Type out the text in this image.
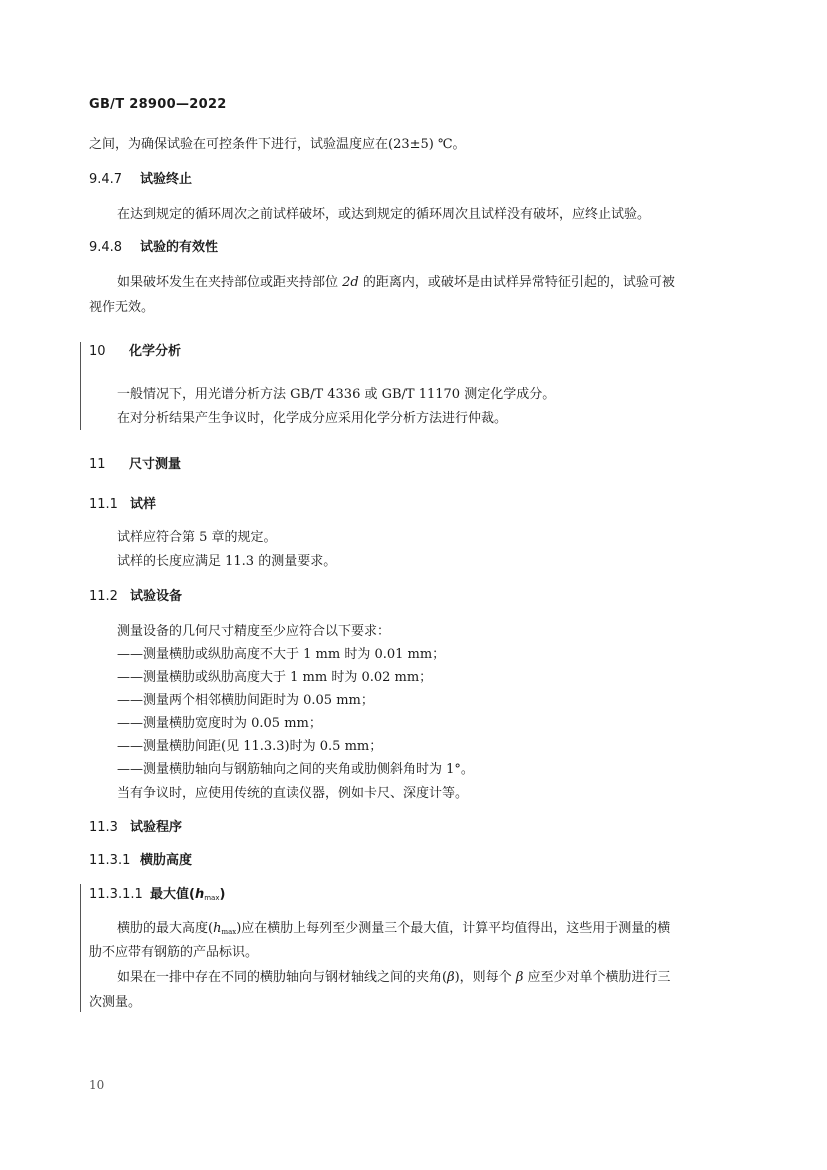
GB/T 28900—2022
之间，为确保试验在可控条件下进行，试验温度应在(23±5) ℃。
9.4.7 试验终止
在达到规定的循环周次之前试样破坏，或达到规定的循环周次且试样没有破坏，应终止试验。
9.4.8 试验的有效性
如果破坏发生在夹持部位或距夹持部位 2d 的距离内，或破坏是由试样异常特征引起的，试验可被
视作无效。
10 化学分析
一般情况下，用光谱分析方法 GB/T 4336 或 GB/T 11170 测定化学成分。
在对分析结果产生争议时，化学成分应采用化学分析方法进行仲裁。
11 尺寸测量
11.1 试样
试样应符合第 5 章的规定。
试样的长度应满足 11.3 的测量要求。
11.2 试验设备
测量设备的几何尺寸精度至少应符合以下要求：
——测量横肋或纵肋高度不大于 1 mm 时为 0.01 mm；
——测量横肋或纵肋高度大于 1 mm 时为 0.02 mm；
——测量两个相邻横肋间距时为 0.05 mm；
——测量横肋宽度时为 0.05 mm；
——测量横肋间距(见 11.3.3)时为 0.5 mm；
——测量横肋轴向与钢筋轴向之间的夹角或肋侧斜角时为 1°。
当有争议时，应使用传统的直读仪器，例如卡尺、深度计等。
11.3 试验程序
11.3.1 横肋高度
11.3.1.1 最大值$(h_{max})$
横肋的最大高度$(h_{max})$应在横肋上每列至少测量三个最大值，计算平均值得出，这些用于测量的横
肋不应带有钢筋的产品标识。
如果在一排中存在不同的横肋轴向与钢材轴线之间的夹角(β)，则每个 β 应至少对单个横肋进行三
次测量。
10
